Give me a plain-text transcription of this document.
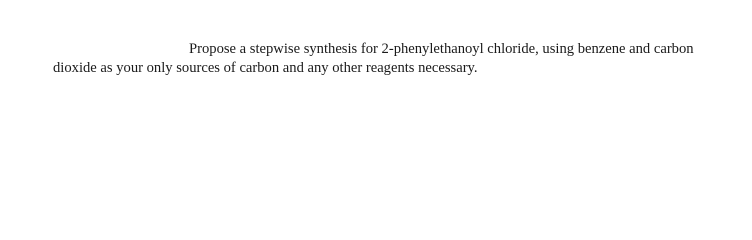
Propose a stepwise synthesis for 2-phenylethanoyl chloride, using benzene and carbon dioxide as your only sources of carbon and any other reagents necessary.
